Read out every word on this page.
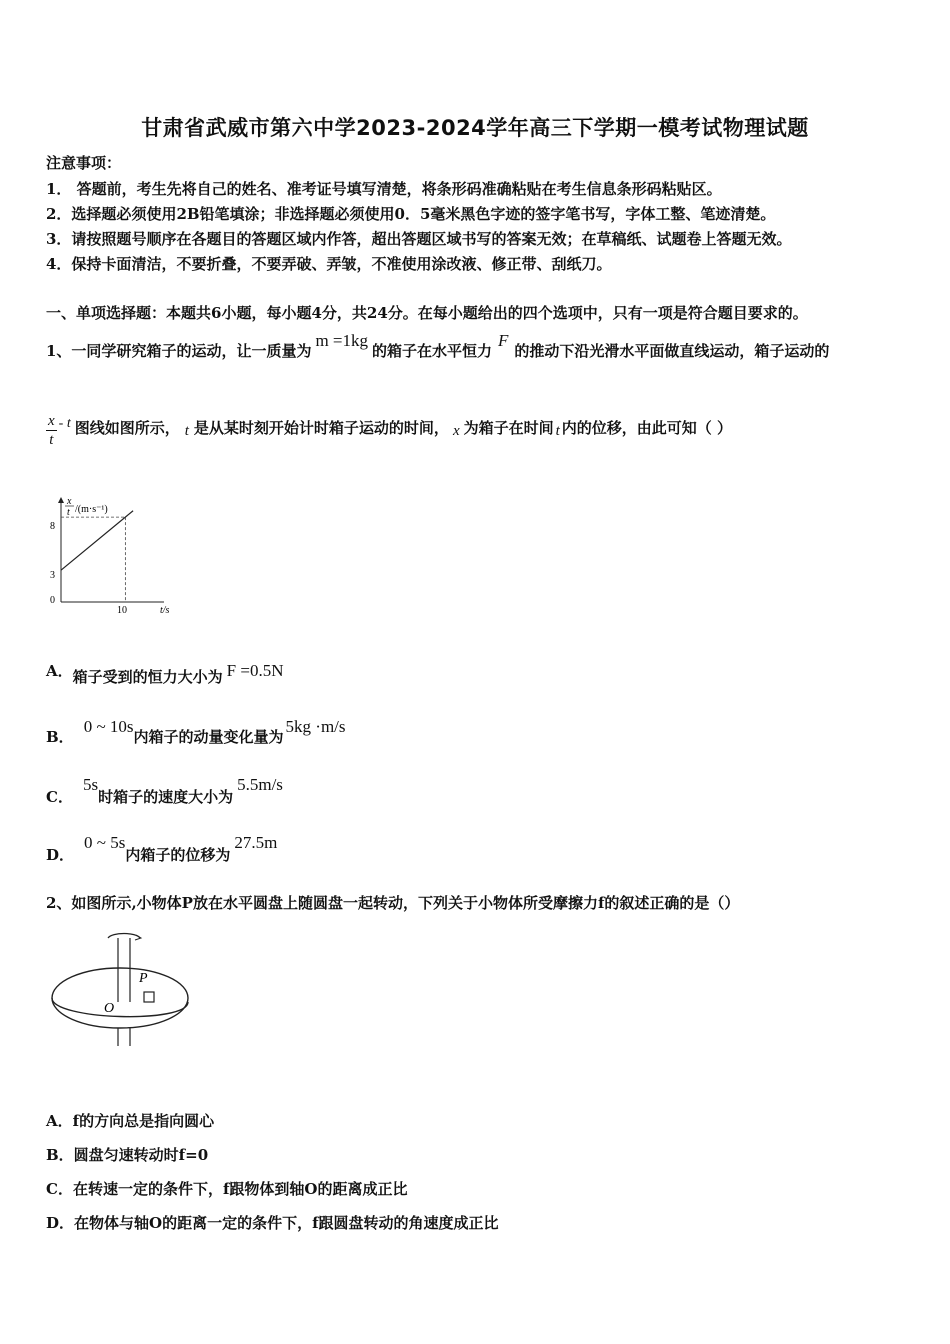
甘肃省武威市第六中学2023-2024学年高三下学期一模考试物理试题
注意事项：
1． 答题前，考生先将自己的姓名、准考证号填写清楚，将条形码准确粘贴在考生信息条形码粘贴区。
2．选择题必须使用2B铅笔填涂；非选择题必须使用0．5毫米黑色字迹的签字笔书写，字体工整、笔迹清楚。
3．请按照题号顺序在各题目的答题区域内作答，超出答题区域书写的答案无效；在草稿纸、试题卷上答题无效。
4．保持卡面清洁，不要折叠，不要弄破、弄皱，不准使用涂改液、修正带、刮纸刀。
一、单项选择题：本题共6小题，每小题4分，共24分。在每小题给出的四个选项中，只有一项是符合题目要求的。
1、一同学研究箱子的运动，让一质量为m =1kg的箱子在水平恒力F的推动下沿光滑水平面做直线运动，箱子运动的
$\frac{x}{t}$ - t 图线如图所示， t 是从某时刻开始计时箱子运动的时间， x 为箱子在时间 t 内的位移，由此可知（ ）
x
t /(m·s⁻¹)
8
3
0
10	t/s
A．箱子受到的恒力大小为 F =0.5N
B．0 ~ 10s内箱子的动量变化量为5kg ·m/s
C．5s时箱子的速度大小为5.5m/s
D．0 ~ 5s内箱子的位移为27.5m
2、如图所示,小物体P放在水平圆盘上随圆盘一起转动，下列关于小物体所受摩擦力f的叙述正确的是（）
P
O
A．f的方向总是指向圆心
B．圆盘匀速转动时f=0
C．在转速一定的条件下，f跟物体到轴O的距离成正比
D．在物体与轴O的距离一定的条件下，f跟圆盘转动的角速度成正比
